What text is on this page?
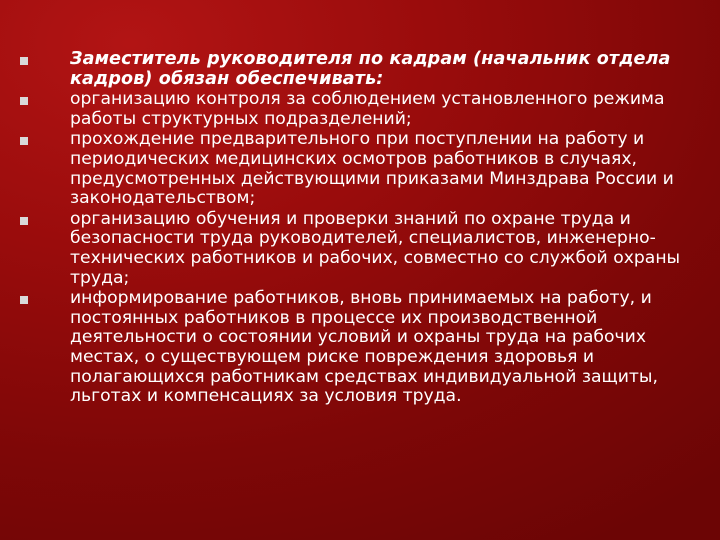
Заместитель руководителя по кадрам (начальник отдела кадров) обязан обеспечивать:
организацию контроля за соблюдением установленного режима работы структурных подразделений;
прохождение предварительного при поступлении на работу и периодических медицинских осмотров работников в случаях, предусмотренных действующими приказами Минздрава России и законодательством;
организацию обучения и проверки знаний по охране труда и безопасности труда руководителей, специалистов, инженерно-технических работников и рабочих, совместно со службой охраны труда;
информирование работников, вновь принимаемых на работу, и постоянных работников в процессе их производственной деятельности о состоянии условий и охраны труда на рабочих местах, о существующем риске повреждения здоровья и полагающихся работникам средствах индивидуальной защиты, льготах и компенсациях за условия труда.
